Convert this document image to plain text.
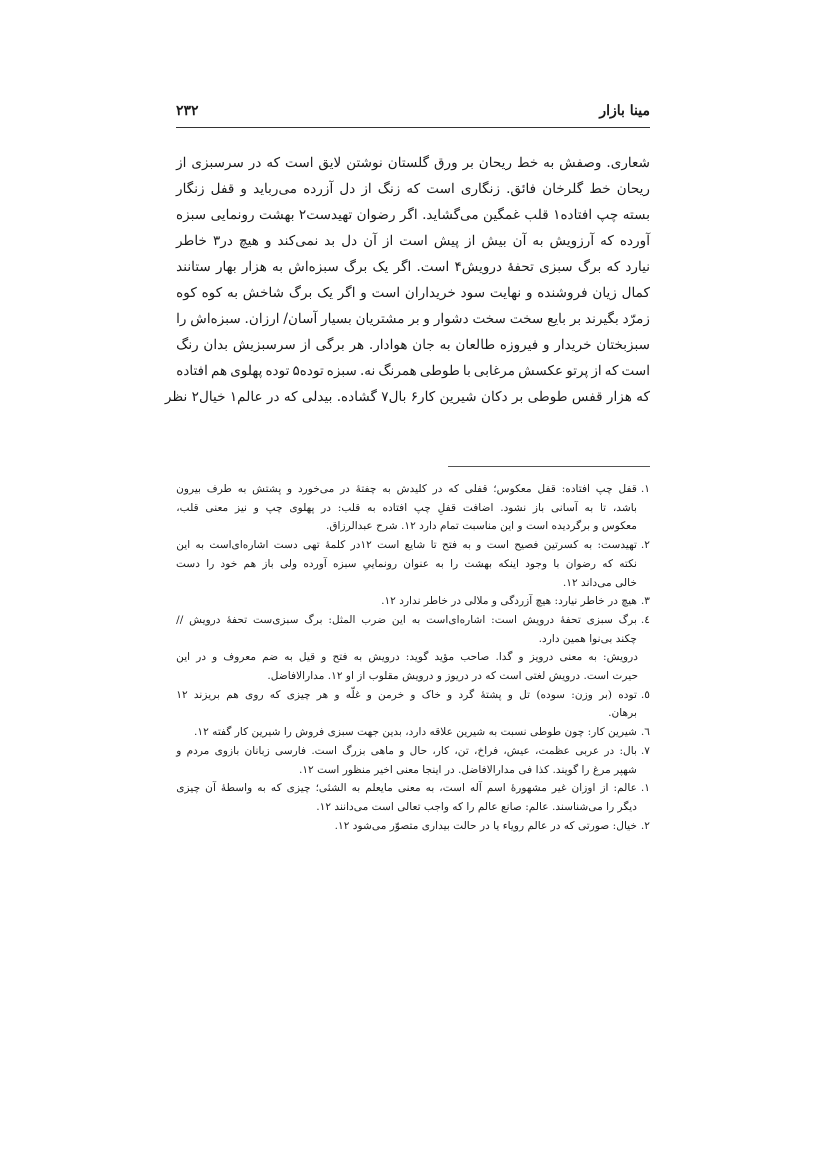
مینا بازار
۲۳۲
شعاری.
وصفش
به
خط
ریحان
بر
ورق
گلستان
نوشتن
لایق
است
که
در
سرسبزی
از
ریحان
خط
گلرخان
فائق.
زنگاری
است
که
زنگ
از
دل
آزرده
می‌رباید
و
قفل
زنگار
بسته
چپ
افتاده۱
قلب
غمگین
می‌گشاید.
اگر
رضوان
تهیدست۲
بهشت
رونمایی
سبزه
آورده
که
آرزویش
به
آن
بیش
از
پیش
است
از
آن
دل
بد
نمی‌کند
و
هیچ
در۳
خاطر
نیارد
که
برگ
سبزی
تحفهٔ
درویش۴
است.
اگر
یک
برگ
سبزه‌اش
به
هزار
بهار
ستانند
کمال
زیان
فروشنده
و
نهایت
سود
خریداران
است
و
اگر
یک
برگ
شاخش
به
کوه
کوه
زمرّد
بگیرند
بر
بایع
سخت
سخت
دشوار
و
بر
مشتریان
بسیار
آسان/
ارزان.
سبزه‌اش
را
سبزبختان
خریدار
و
فیروزه
طالعان
به
جان
هوادار.
هر
برگی
از
سرسبزیش
بدان
رنگ
است
که
از
پرتو
عکسش
مرغابی
با
طوطی
همرنگ
نه.
سبزه
توده۵
توده
پهلوی
هم
افتاده
که هزار قفس طوطی بر دکان شیرین کار۶ بال۷ گشاده. بیدلی که در عالم۱ خیال۲ نظر
۱.
قفل
چپ
افتاده:
قفل
معکوس؛
قفلی
که
در
کلیدش
به
چفتهٔ
در
می‌خورد
و
پشتش
به
طرف
بیرون
باشد،
تا
به
آسانی
باز
نشود.
اضافت
قفلِ
چپ
افتاده
به
قلب:
در
پهلوی
چپ
و
نیز
معنی
قلب،
معکوس و برگردیده است و این مناسبت تمام دارد ۱۲. شرح عبدالرزاق.
۲.
تهیدست:
به
کسرتین
فصیح
است
و
به
فتح
تا
شایع
است
۱۲در
کلمهٔ
تهی
دست
اشاره‌ای‌است
به
این
نکته
که
رضوان
با
وجود
اینکه
بهشت
را
به
عنوان
رونماییِ
سبزه
آورده
ولی
باز
هم
خود
را
دست
خالی می‌داند ۱۲.
۳.
هیچ در خاطر نیارد: هیچ آزردگی و ملالی در خاطر ندارد ۱۲.
٤.
برگ
سبزی
تحفهٔ
درویش
است:
اشاره‌ای‌است
به
این
ضرب
المثل:
برگ
سبزی‌ست
تحفهٔ
درویش
//
چکند بی‌نوا همین دارد.
درویش:
به
معنی
درویز
و
گدا.
صاحب
مؤید
گوید:
درویش
به
فتح
و
قیل
به
ضم
معروف
و
در
این
حیرت است. درویش لغتی است که در دریوز و درویش مقلوب از او ۱۲. مدارالافاضل.
٥.
توده
(بر
وزن:
سوده)
تل
و
پشتهٔ
گرد
و
خاک
و
خرمن
و
غلّه
و
هر
چیزی
که
روی
هم
بریزند
۱۲
برهان.
٦.
شیرین کار: چون طوطی نسبت به شیرین علاقه دارد، بدین جهت سبزی فروش را شیرین کار گفته ۱۲.
۷.
بال:
در
عربی
عظمت،
عیش،
فراخ،
تن،
کار،
حال
و
ماهی
بزرگ
است.
فارسی
زبانان
بازوی
مردم
و
شهپر مرغ را گویند. کذا فی مدارالافاضل. در اینجا معنی اخیر منظور است ۱۲.
۱.
عالم:
از
اوزان
غیر
مشهورهٔ
اسم
آله
است،
به
معنی
مایعلم
به
الشئی؛
چیزی
که
به
واسطهٔ
آن
چیزی
دیگر را می‌شناسند. عالم: صانع عالم را که واجب تعالی است می‌دانند ۱۲.
۲.
خیال: صورتی که در عالم رویاء یا در حالت بیداری متصوّر می‌شود ۱۲.
